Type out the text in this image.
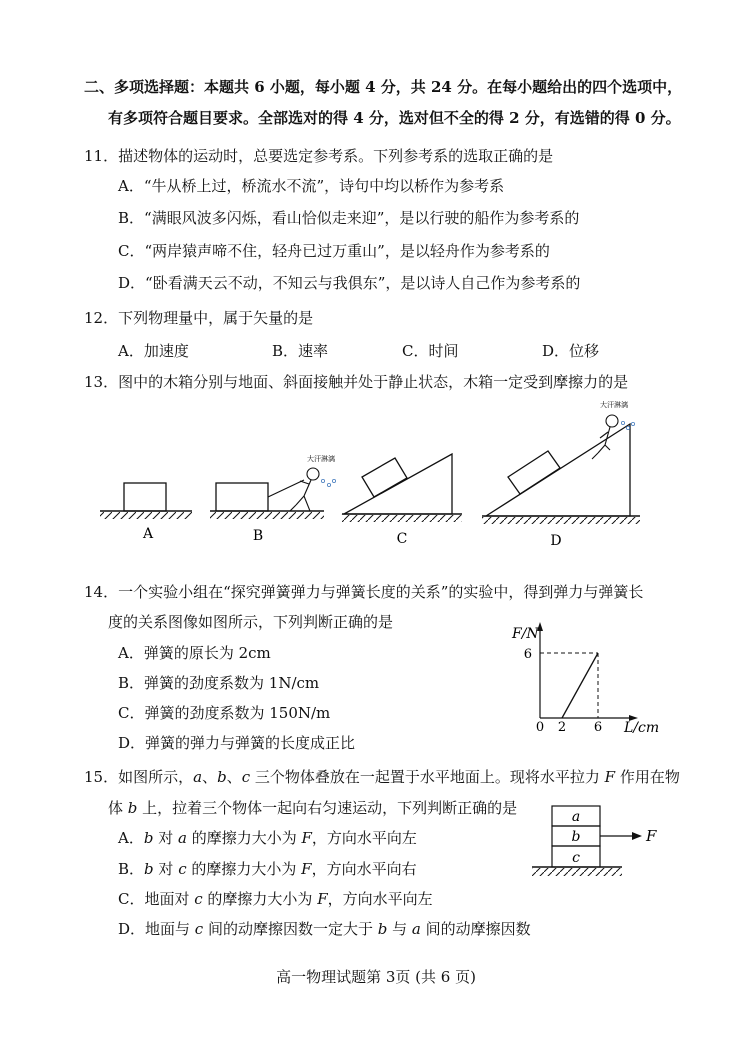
二、多项选择题：本题共 6 小题，每小题 4 分，共 24 分。在每小题给出的四个选项中，
有多项符合题目要求。全部选对的得 4 分，选对但不全的得 2 分，有选错的得 0 分。
11．描述物体的运动时，总要选定参考系。下列参考系的选取正确的是
A．“牛从桥上过，桥流水不流”，诗句中均以桥作为参考系
B．“满眼风波多闪烁，看山恰似走来迎”，是以行驶的船作为参考系的
C．“两岸猿声啼不住，轻舟已过万重山”，是以轻舟作为参考系的
D．“卧看满天云不动，不知云与我俱东”，是以诗人自己作为参考系的
12．下列物理量中，属于矢量的是
A．加速度	B．速率	C．时间	D．位移
13．图中的木箱分别与地面、斜面接触并处于静止状态，木箱一定受到摩擦力的是
A
大汗淋漓
B	C
大汗淋漓
D
14．一个实验小组在“探究弹簧弹力与弹簧长度的关系”的实验中，得到弹力与弹簧长
度的关系图像如图所示，下列判断正确的是
A．弹簧的原长为 2cm
B．弹簧的劲度系数为 1N/cm
C．弹簧的劲度系数为 150N/m
D．弹簧的弹力与弹簧的长度成正比
F/N
6
0 2 6 L/cm
15．如图所示，a、b、c 三个物体叠放在一起置于水平地面上。现将水平拉力 F 作用在物
体 b 上，拉着三个物体一起向右匀速运动，下列判断正确的是
A．b 对 a 的摩擦力大小为 F，方向水平向左
B．b 对 c 的摩擦力大小为 F，方向水平向右
C．地面对 c 的摩擦力大小为 F，方向水平向左
D．地面与 c 间的动摩擦因数一定大于 b 与 a 间的动摩擦因数
a
b
c
F
高一物理试题第 3页 (共 6 页)
